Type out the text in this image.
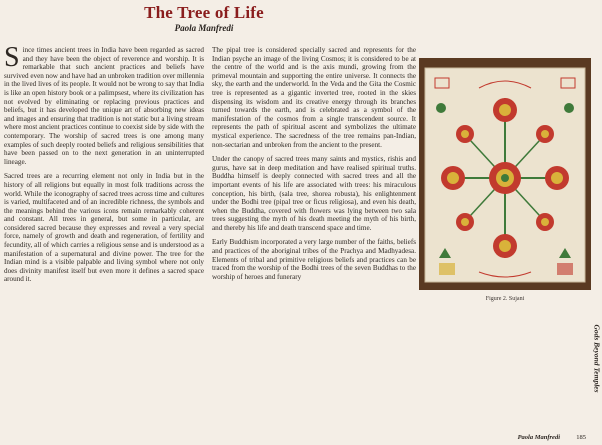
The Tree of Life
Paola Manfredi

Since times ancient trees in India have been regarded as sacred and they have been the object of reverence and worship. It is remarkable that such ancient practices and beliefs have survived even now and have had an unbroken tradition over millennia in the lived lives of its people. It would not be wrong to say that India is like an open history book or a palimpsest, where its civilization has not evolved by eliminating or replacing previous practices and beliefs, but it has developed the unique art of absorbing new ideas and images and ensuring that tradition is not static but a living stream where most ancient practices continue to coexist side by side with the contemporary. The worship of sacred trees is one among many examples of such deeply rooted beliefs and religious sensibilities that have been passed on to the next generation in an uninterrupted lineage.

Sacred trees are a recurring element not only in India but in the history of all religions but equally in most folk traditions across the world. While the iconography of sacred trees across time and cultures is varied, multifaceted and of an incredible richness, the symbols and the meanings behind the various icons remain remarkably coherent and constant. All trees in general, but some in particular, are considered sacred because they expresses and reveal a very special force, namely of growth and death and regeneration, of fertility and fecundity, all of which carries a religious sense and is understood as a manifestation of a supernatural and divine power. The tree for the Indian mind is a visible palpable and living symbol where not only does divinity manifest itself but even more it defines a sacred space around it.

The pipal tree is considered specially sacred and represents for the Indian psyche an image of the living Cosmos; it is considered to be at the centre of the world and is the axis mundi, growing from the primeval mountain and supporting the entire universe. It connects the sky, the earth and the underworld. In the Veda and the Gita the Cosmic tree is represented as a gigantic inverted tree, rooted in the skies dispensing its wisdom and its creative energy through its branches turned towards the earth, and is celebrated as a symbol of the manifestation of the cosmos from a single transcendent source. It represents the path of spiritual ascent and symbolizes the ultimate mystical experience. The sacredness of the tree remains pan-Indian, non-sectarian and unbroken from the ancient to the present.

Under the canopy of sacred trees many saints and mystics, rishis and gurus, have sat in deep meditation and have realised spiritual truths. Buddha himself is deeply connected with sacred trees and all the important events of his life are associated with trees: his miraculous conception, his birth, (sala tree, shorea robusta), his enlightenment under the Bodhi tree (pipal tree or ficus religiosa), and even his death, when the Buddha, covered with flowers was lying between two sala trees suggesting the myth of his death meeting the myth of his birth, and thereby his life and death transcend space and time.

Early Buddhism incorporated a very large number of the faiths, beliefs and practices of the aboriginal tribes of the Prachya and Madhyadesa. Elements of tribal and primitive religious beliefs and practices can be traced from the worship of the Bodhi trees of the seven Buddhas to the worship of heroes and funerary

Figure 2. Sujani
Gods Beyond Temples
Paola Manfredi	185
